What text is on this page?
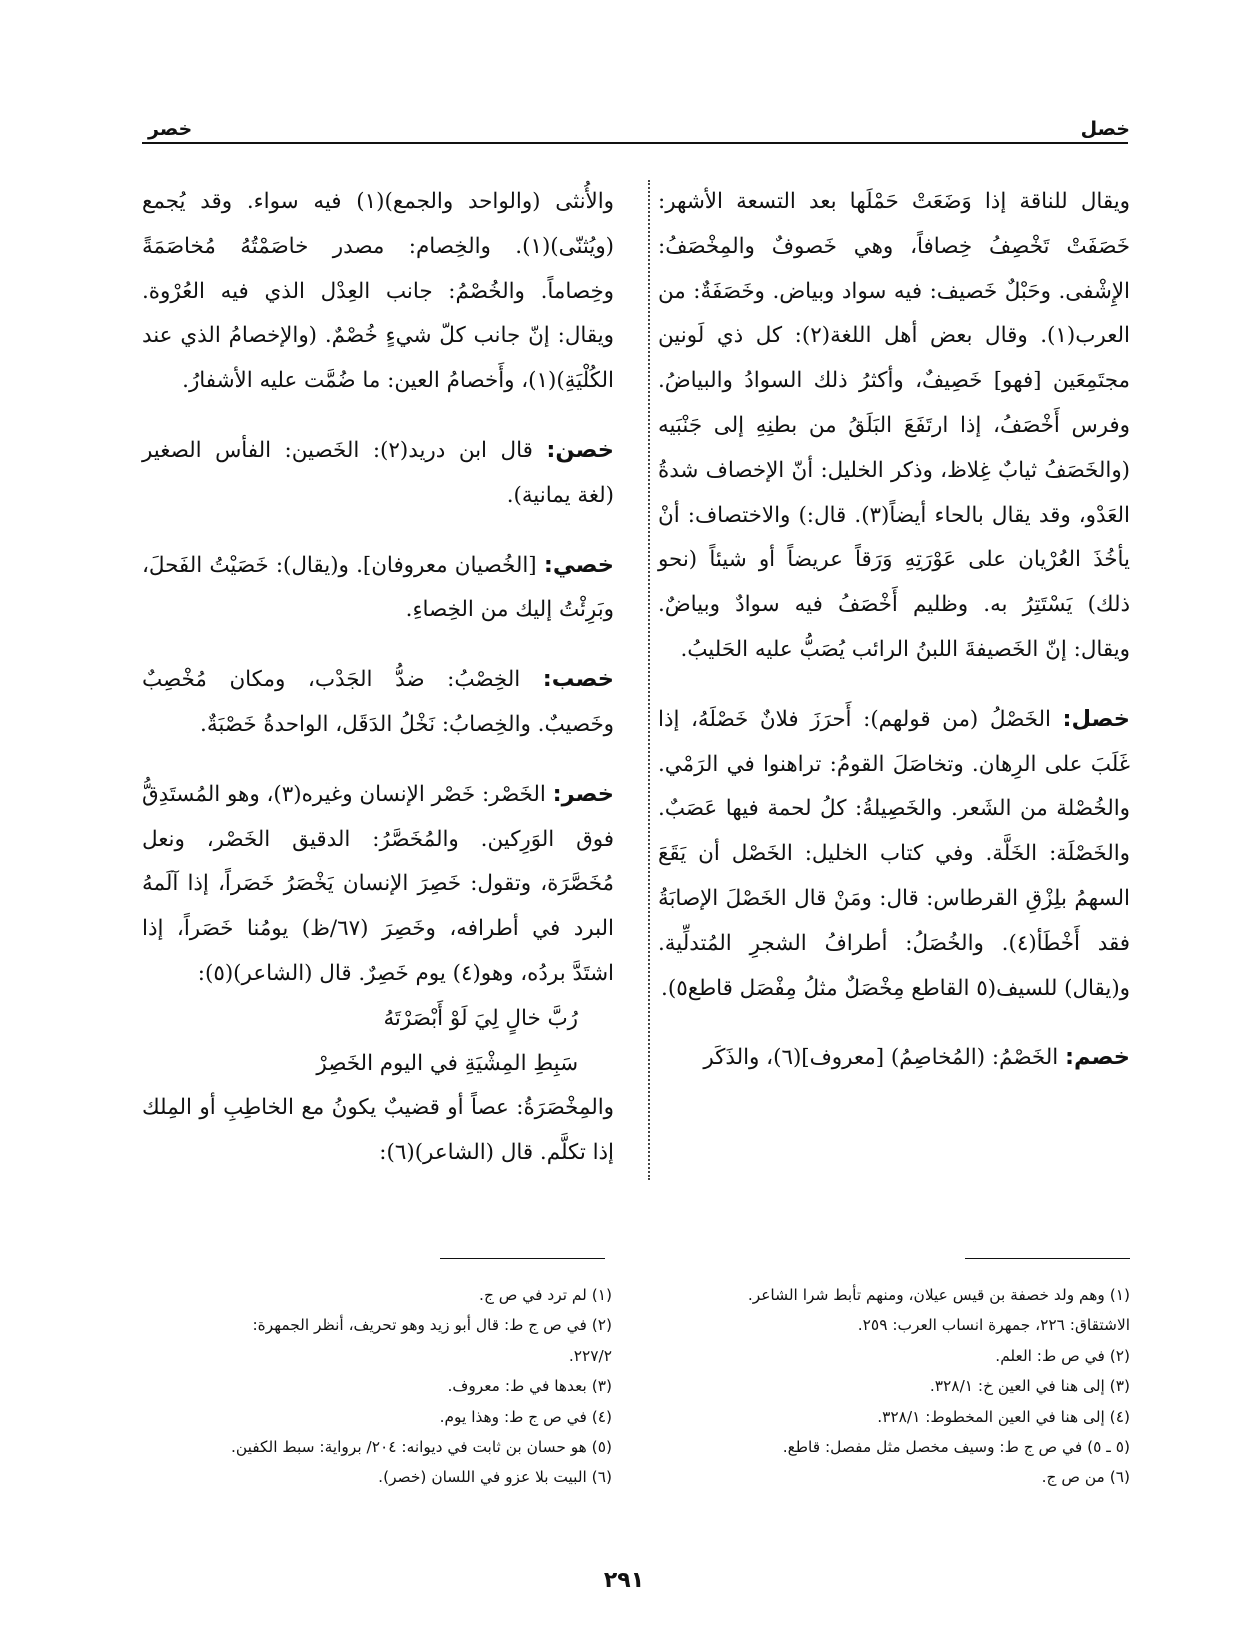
خصل
خصر

ويقال للناقة إذا وَضَعَتْ حَمْلَها بعد التسعة الأشهر: خَصَفَتْ تَخْصِفُ خِصافاً، وهي خَصوفٌ والمِخْصَفُ: الإِشْفى. وحَبْلٌ خَصيف: فيه سواد وبياض. وخَصَفَةٌ: من العرب(١). وقال بعض أهل اللغة(٢): كل ذي لَونين مجتَمِعَين [فهو] خَصِيفٌ، وأكثرُ ذلك السوادُ والبياضُ. وفرس أَخْصَفُ، إذا ارتَفَعَ البَلَقُ من بطنِهِ إلى جَنْبَيه (والخَصَفُ ثيابٌ غِلاظ، وذكر الخليل: أنّ الإخصاف شدةُ العَدْو، وقد يقال بالحاء أيضاً(٣). قال:) والاختصاف: أنْ يأخُذَ العُرْيان على عَوْرَتِهِ وَرَقاً عريضاً أو شيئاً (نحو ذلك) يَسْتَتِرُ به. وظليم أَخْصَفُ فيه سوادٌ وبياضٌ. ويقال: إنّ الخَصيفةَ اللبنُ الرائب يُصَبُّ عليه الحَليبُ.

خصل: الخَصْلُ (من قولهم): أَحرَزَ فلانٌ خَصْلَهُ، إذا غَلَبَ على الرِهان. وتخاصَلَ القومُ: تراهنوا في الرَمْي. والخُصْلة من الشَعر. والخَصِيلةُ: كلُ لحمة فيها عَصَبٌ. والخَصْلَة: الخَلَّة. وفي كتاب الخليل: الخَصْل أن يَقَعَ السهمُ بلِزْقِ القرطاس: قال: ومَنْ قال الخَصْلَ الإصابَةُ فقد أَخْطَأ(٤). والخُصَلُ: أطرافُ الشجرِ المُتدلِّية. و(يقال) للسيف(٥ القاطع مِخْصَلٌ مثلُ مِفْصَل قاطع٥).

خصم: الخَصْمُ: (المُخاصِمُ) [معروف](٦)، والذَكَر

والأُنثى (والواحد والجمع)(١) فيه سواء. وقد يُجمع (ويُثنّى)(١). والخِصام: مصدر خاصَمْتُهُ مُخاصَمَةً وخِصاماً. والخُصْمُ: جانب العِدْل الذي فيه العُرْوة. ويقال: إنّ جانب كلّ شيءٍ خُصْمٌ. (والإخصامُ الذي عند الكُلْيَةِ)(١)، وأَخصامُ العين: ما ضُمَّت عليه الأشفارُ.

خصن: قال ابن دريد(٢): الخَصين: الفأس الصغير (لغة يمانية).

خصي: [الخُصيان معروفان]. و(يقال): خَصَيْتُ الفَحلَ، وبَرِئْتُ إليك من الخِصاءِ.

خصب: الخِصْبُ: ضدُّ الجَدْب، ومكان مُخْصِبٌ وخَصيبٌ. والخِصابُ: نَخْلُ الدَقَل، الواحدةُ خَصْبَةٌ.

خصر: الخَصْر: خَصْر الإنسان وغيره(٣)، وهو المُستَدِقُّ فوق الوَرِكين. والمُخَصَّرُ: الدقيق الخَصْر، ونعل مُخَصَّرَة، وتقول: خَصِرَ الإنسان يَخْصَرُ خَصَراً، إذا آلَمهُ البرد في أطرافه، وخَصِرَ (٦٧/ظ) يومُنا خَصَراً، إذا اشتَدَّ بردُه، وهو(٤) يوم خَصِرٌ. قال (الشاعر)(٥):

رُبَّ خالٍ لِيَ لَوْ أَبْصَرْتَهُ

سَبِطِ المِشْيَةِ في اليوم الخَصِرْ

والمِخْصَرَةُ: عصاً أو قضيبٌ يكونُ مع الخاطِبِ أو المِلك إذا تكلَّم. قال (الشاعر)(٦):

(١) وهم ولد خصفة بن قيس عيلان، ومنهم تأبط شرا الشاعر.
الاشتقاق: ٢٢٦، جمهرة انساب العرب: ٢٥٩.
(٢) في ص ط: العلم.
(٣) إلى هنا في العين خ: ٣٢٨/١.
(٤) إلى هنا في العين المخطوط: ٣٢٨/١.
(٥ ـ ٥) في ص ج ط: وسيف مخصل مثل مفصل: قاطع.
(٦) من ص ج.
(١) لم ترد في ص ج.
(٢) في ص ج ط: قال أبو زيد وهو تحريف، أنظر الجمهرة:
٢٢٧/٢.
(٣) بعدها في ط: معروف.
(٤) في ص ج ط: وهذا يوم.
(٥) هو حسان بن ثابت في ديوانه: ٢٠٤/ برواية: سبط الكفين.
(٦) البيت بلا عزو في اللسان (خصر).
٢٩١
